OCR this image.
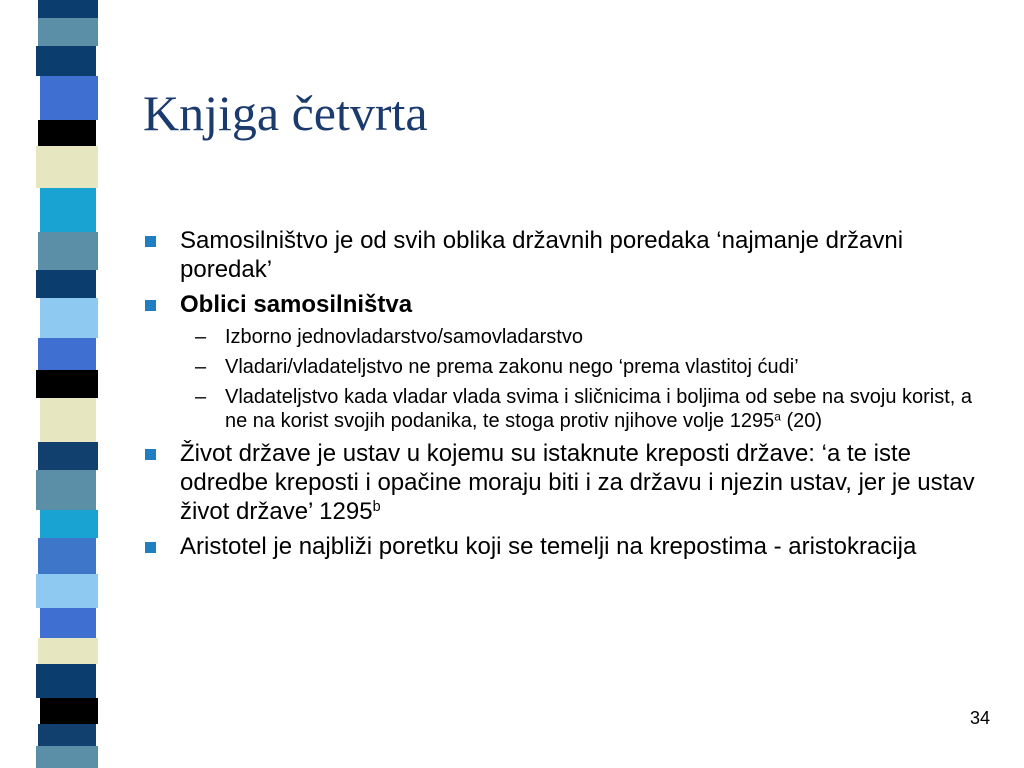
Knjiga četvrta
Samosilništvo je od svih oblika državnih poredaka ‘najmanje državni poredak’
Oblici samosilništva
– Izborno jednovladarstvo/samovladarstvo
– Vladari/vladateljstvo ne prema zakonu nego ‘prema vlastitoj ćudi’
– Vladateljstvo kada vladar vlada svima i sličnicima i boljima od sebe na svoju korist, a ne na korist svojih podanika, te stoga protiv njihove volje 1295$^a$ (20)
Život države je ustav u kojemu su istaknute kreposti države: ‘a te iste odredbe kreposti i opačine moraju biti i za državu i njezin ustav, jer je ustav život države’ 1295$^b$
Aristotel je najbliži poretku koji se temelji na krepostima - aristokracija
34
